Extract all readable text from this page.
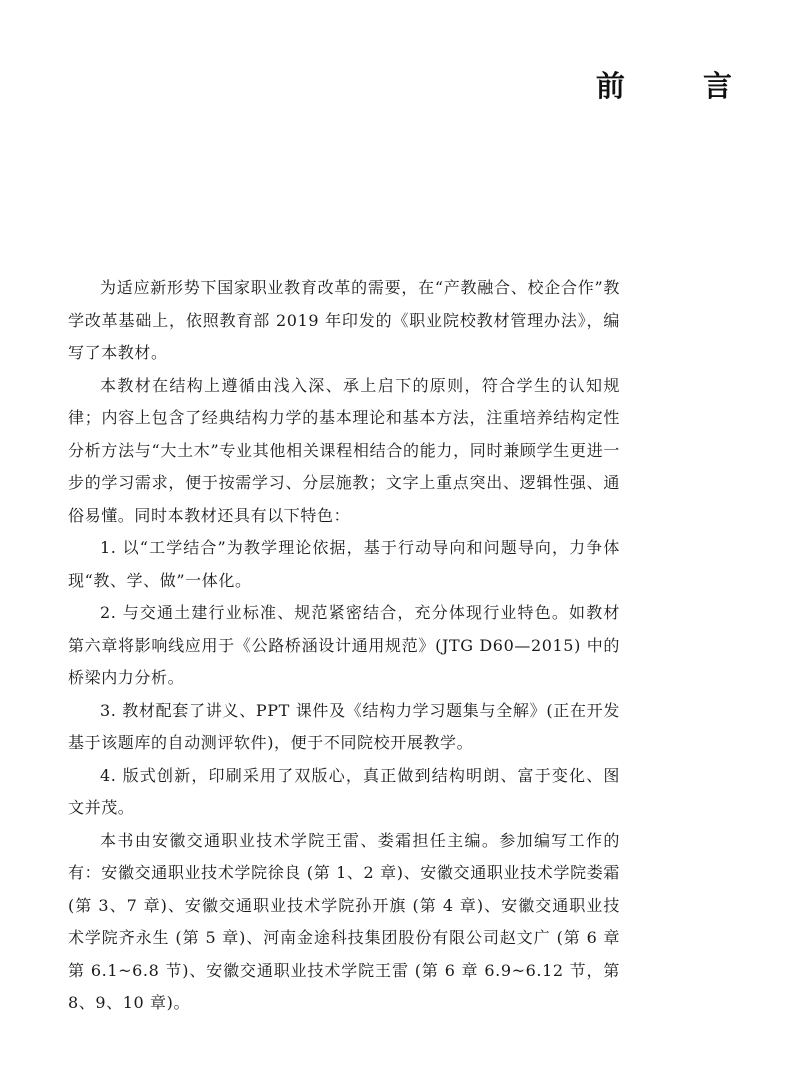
前 言

为适应新形势下国家职业教育改革的需要，在“产教融合、校企合作”教学改革基础上，依照教育部 2019 年印发的《职业院校教材管理办法》，编写了本教材。

本教材在结构上遵循由浅入深、承上启下的原则，符合学生的认知规律；内容上包含了经典结构力学的基本理论和基本方法，注重培养结构定性分析方法与“大土木”专业其他相关课程相结合的能力，同时兼顾学生更进一步的学习需求，便于按需学习、分层施教；文字上重点突出、逻辑性强、通俗易懂。同时本教材还具有以下特色：

1. 以“工学结合”为教学理论依据，基于行动导向和问题导向，力争体现“教、学、做”一体化。

2. 与交通土建行业标准、规范紧密结合，充分体现行业特色。如教材第六章将影响线应用于《公路桥涵设计通用规范》(JTG D60—2015) 中的桥梁内力分析。

3. 教材配套了讲义、PPT 课件及《结构力学习题集与全解》(正在开发基于该题库的自动测评软件)，便于不同院校开展教学。

4. 版式创新，印刷采用了双版心，真正做到结构明朗、富于变化、图文并茂。

本书由安徽交通职业技术学院王雷、娄霜担任主编。参加编写工作的有：安徽交通职业技术学院徐良 (第 1、2 章)、安徽交通职业技术学院娄霜 (第 3、7 章)、安徽交通职业技术学院孙开旗 (第 4 章)、安徽交通职业技术学院齐永生 (第 5 章)、河南金途科技集团股份有限公司赵文广 (第 6 章第 6.1~6.8 节)、安徽交通职业技术学院王雷 (第 6 章 6.9~6.12 节，第 8、9、10 章)。
